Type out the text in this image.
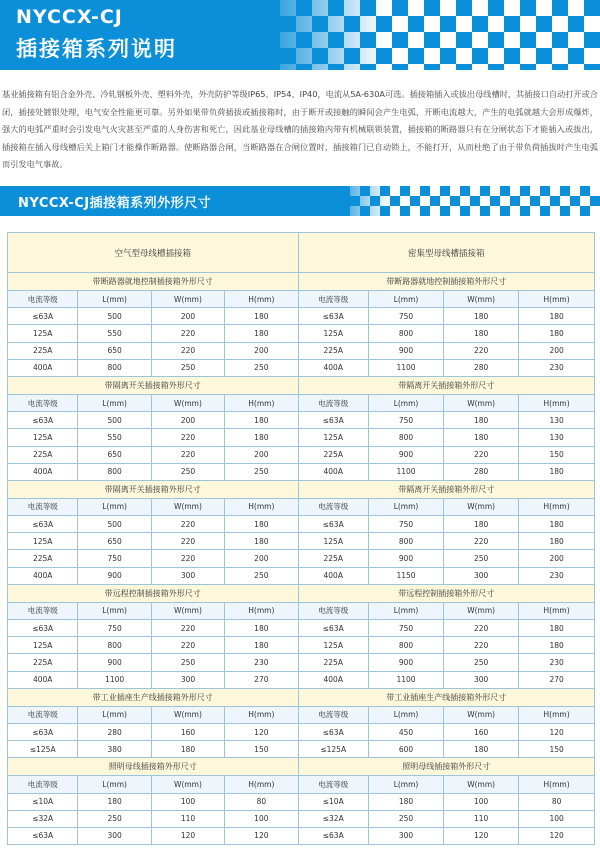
NYCCX-CJ
插接箱系列说明
基业插接箱有铝合金外壳、冷轧钢板外壳、塑料外壳，外壳防护等级IP65、IP54、IP40，电流从5A-630A可选。插接箱插入或拔出母线槽时，其插接口自动打开或合闭，插接处镀银处理，电气安全性能更可靠。另外如果带负荷插拔或插接箱时，由于断开或接触的瞬间会产生电弧，开断电流越大，产生的电弧就越大会形成爆炸，强大的电弧严重时会引发电气火灾甚至严重的人身伤害和死亡，因此基业母线槽的插接箱内带有机械联锁装置，插接箱的断路器只有在分闸状态下才能插入或拔出，插接箱在插入母线槽后关上箱门才能操作断路器。使断路器合闸，当断路器在合闸位置时，插接箱门已自动锁上，不能打开，从而杜绝了由于带负荷插拔时产生电弧而引发电气事故。
NYCCX-CJ插接箱系列外形尺寸
空气型母线槽插接箱				密集型母线槽插接箱			
带断路器就地控制插接箱外形尺寸				带断路器就地控制插接箱外形尺寸			
电流等级	L(mm)	W(mm)	H(mm)	电流等级	L(mm)	W(mm)	H(mm)
≤63A	500	200	180	≤63A	750	180	180
125A	550	220	180	125A	800	180	180
225A	650	220	200	225A	900	220	200
400A	800	250	250	400A	1100	280	230
带隔离开关插接箱外形尺寸				带隔离开关插接箱外形尺寸			
电流等级	L(mm)	W(mm)	H(mm)	电流等级	L(mm)	W(mm)	H(mm)
≤63A	500	200	180	≤63A	750	180	130
125A	550	220	180	125A	800	180	130
225A	650	220	200	225A	900	220	150
400A	800	250	250	400A	1100	280	180
带隔离开关插接箱外形尺寸				带隔离开关插接箱外形尺寸			
电流等级	L(mm)	W(mm)	H(mm)	电流等级	L(mm)	W(mm)	H(mm)
≤63A	500	220	180	≤63A	750	180	180
125A	650	220	180	125A	800	220	180
225A	750	220	200	225A	900	250	200
400A	900	300	250	400A	1150	300	230
带远程控制插接箱外形尺寸				带远程控制插接箱外形尺寸			
电流等级	L(mm)	W(mm)	H(mm)	电流等级	L(mm)	W(mm)	H(mm)
≤63A	750	220	180	≤63A	750	220	180
125A	800	220	180	125A	800	220	180
225A	900	250	230	225A	900	250	230
400A	1100	300	270	400A	1100	300	270
带工业插座生产线插接箱外形尺寸				带工业插座生产线插接箱外形尺寸			
电流等级	L(mm)	W(mm)	H(mm)	电流等级	L(mm)	W(mm)	H(mm)
≤63A	280	160	120	≤63A	450	160	120
≤125A	380	180	150	≤125A	600	180	150
照明母线插接箱外形尺寸				照明母线插接箱外形尺寸			
电流等级	L(mm)	W(mm)	H(mm)	电流等级	L(mm)	W(mm)	H(mm)
≤10A	180	100	80	≤10A	180	100	80
≤32A	250	110	100	≤32A	250	110	100
≤63A	300	120	120	≤63A	300	120	120
